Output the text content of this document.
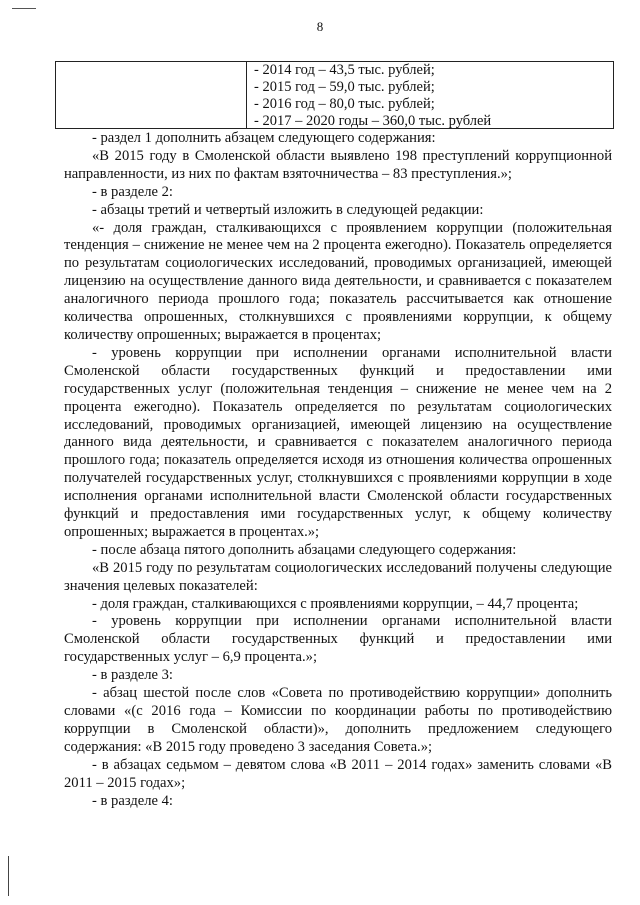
8
- 2014 год – 43,5 тыс. рублей;
- 2015 год – 59,0 тыс. рублей;
- 2016 год – 80,0 тыс. рублей;
- 2017 – 2020 годы – 360,0 тыс. рублей

- раздел 1 дополнить абзацем следующего содержания:

«В 2015 году в Смоленской области выявлено 198 преступлений коррупционной направленности, из них по фактам взяточничества – 83 преступления.»;

- в разделе 2:

- абзацы третий и четвертый изложить в следующей редакции:

«- доля граждан, сталкивающихся с проявлением коррупции (положительная тенденция – снижение не менее чем на 2 процента ежегодно). Показатель определяется по результатам социологических исследований, проводимых организацией, имеющей лицензию на осуществление данного вида деятельности, и сравнивается с показателем аналогичного периода прошлого года; показатель рассчитывается как отношение количества опрошенных, столкнувшихся с проявлениями коррупции, к общему количеству опрошенных; выражается в процентах;

- уровень коррупции при исполнении органами исполнительной власти Смоленской области государственных функций и предоставлении ими государственных услуг (положительная тенденция – снижение не менее чем на 2 процента ежегодно). Показатель определяется по результатам социологических исследований, проводимых организацией, имеющей лицензию на осуществление данного вида деятельности, и сравнивается с показателем аналогичного периода прошлого года; показатель определяется исходя из отношения количества опрошенных получателей государственных услуг, столкнувшихся с проявлениями коррупции в ходе исполнения органами исполнительной власти Смоленской области государственных функций и предоставления ими государственных услуг, к общему количеству опрошенных; выражается в процентах.»;

- после абзаца пятого дополнить абзацами следующего содержания:

«В 2015 году по результатам социологических исследований получены следующие значения целевых показателей:

- доля граждан, сталкивающихся с проявлениями коррупции, – 44,7 процента;

- уровень коррупции при исполнении органами исполнительной власти Смоленской области государственных функций и предоставлении ими государственных услуг – 6,9 процента.»;

- в разделе 3:

- абзац шестой после слов «Совета по противодействию коррупции» дополнить словами «(с 2016 года – Комиссии по координации работы по противодействию коррупции в Смоленской области)», дополнить предложением следующего содержания: «В 2015 году проведено 3 заседания Совета.»;

- в абзацах седьмом – девятом слова «В 2011 – 2014 годах» заменить словами «В 2011 – 2015 годах»;

- в разделе 4:
